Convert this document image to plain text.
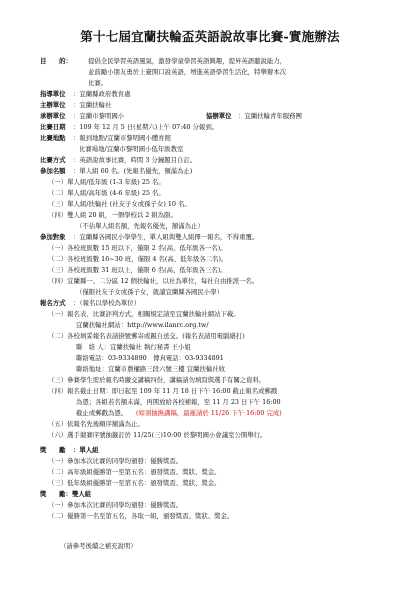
第十七屆宜蘭扶輪盃英語說故事比賽-實施辦法
目　　的：	提倡全民學習英語風氣，激發學童學習英語興趣，提昇英語聽說能力，
並鼓勵小朋友勇於上臺開口說英語，增進英語學習生活化，特舉辦本次
比賽。
指導單位 ：宜蘭縣政府教育處
主辦單位 ：宜蘭扶輪社
承辦單位 ：宜蘭市黎明國小	協辦單位 ：宜蘭扶輪青年服務團
比賽日期 ：109 年 12 月 5 日(星期六)上午 07:40 分報到。
比賽地點 ：報到地點/宜蘭市黎明國小體育館
比賽場地/宜蘭市黎明國小低年級教室
比賽方式 ：英語說故事比賽，時間 3 分鐘題目自訂。
參加名額 ：單人組 60 名。(先報名優先，額滿為止)
（一）單人組/低年級 (1-3 年級) 25 名。
（二）單人組/高年級 (4-6 年級) 25 名。
（三）單人組/扶輪社 (社友子女或孫子女) 10 名。
（四）雙人組 20 組，一個學校以 2 組為限。
（不佔單人組名額，先報名優先，額滿為止）
參加對象 ：宜蘭縣各國民小學學生，單人組與雙人組擇一報名，不得重覆。
（一）各校班級數 15 班以下，僅限 2 名(高、低年級各一名)。
（二）各校班級數 16~30 班，僅限 4 名(高、低年級各二名)。
（三）各校班級數 31 班以上，僅限 6 名(高、低年級各三名)。
（四）宜蘭縣一、二分區 12 個扶輪社，以社為單位，每社自由推派一名。
（僅限社友子女或孫子女，就讀宜蘭縣各國民小學）
報名方式 ：（報名以學校為單位）
（一）報名表、比賽評判方式，相關規定請至宜蘭扶輪社網站下載。
宜蘭扶輪社網站：http://www.ilanrc.org.tw/
（二）各校填妥報名表請掛號郵寄或親自送交。(報名表請用電腦繕打)
聯　絡 人：宜蘭扶輪社 執行秘書 王小姐
聯絡電話：03-9334890　傳真電話：03-9334891
聯絡地址：宜蘭市農權路三段六號三樓 宜蘭扶輪社收
（三）參賽學生需於報名時繳交講稿四份，講稿請勿填寫與選手有關之資料。
（四）報名截止日期：即日起至 109 年 11 月 18 日下午 16:00 截止報名或郵戳
為憑；各組若名額未滿，再開放給各校補報，至 11 月 23 日下午 16:00
截止或郵戳為憑。 (如須抽換講稿，最遲請於 11/26 下午 16:00 完成)
（五）依報名先後順序額滿為止。
（六）選手競賽序號抽籤訂於 11/25(三)10:00 於黎明國小會議室公開舉行。
獎　　勵 ：單人組
（一）參加本次比賽的同學均頒發：優勝獎盃。
（二）高年級組優勝第一至第五名：頒發獎盃、獎狀、獎金。
（三）低年級組優勝第一至第五名：頒發獎盃、獎狀、獎金。
獎　　勵：雙人組
（一）參加本次比賽的同學均頒發：優勝獎盃。
（二）優勝第一名至第五名，各取一組，頒發獎盃、獎狀、獎金。
（請參考後續之補充說明）
